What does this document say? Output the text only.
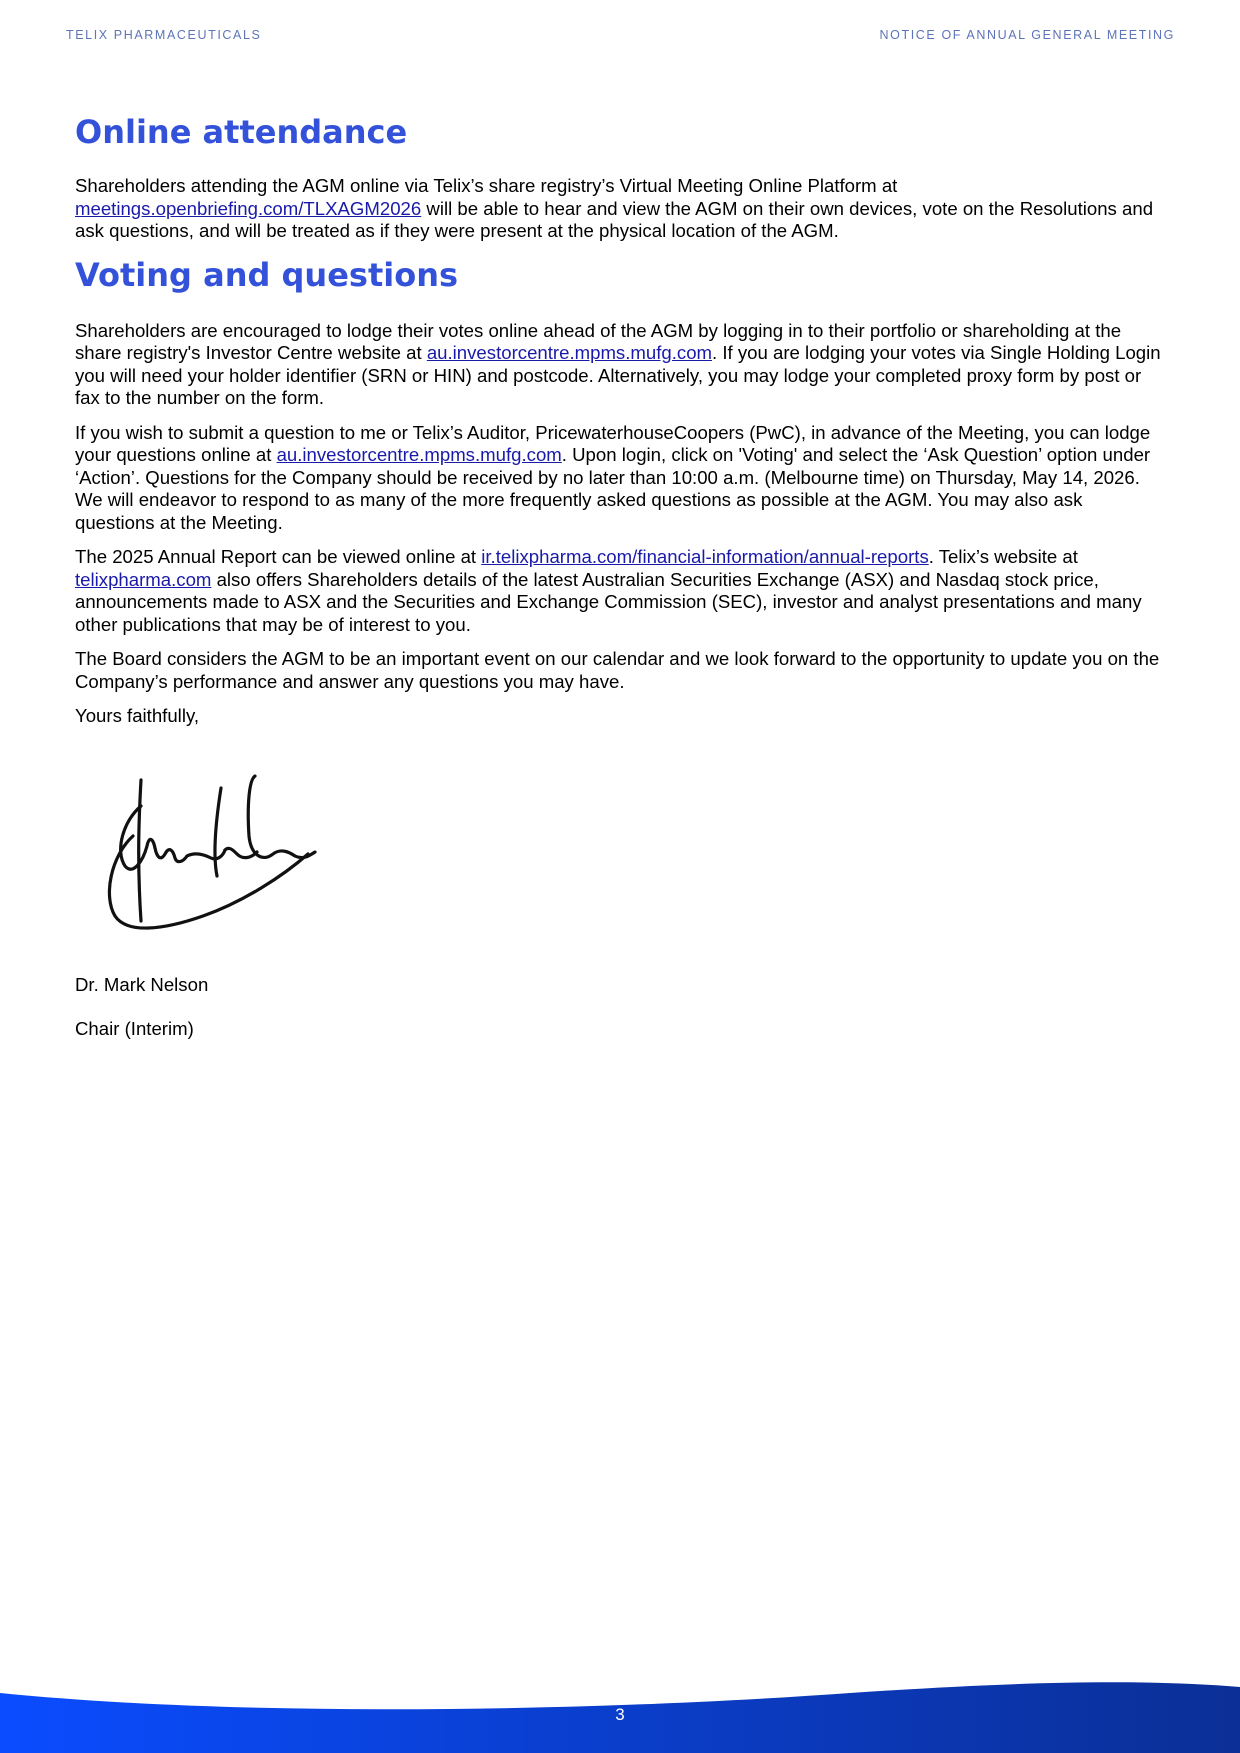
TELIX PHARMACEUTICALS	NOTICE OF ANNUAL GENERAL MEETING
Online attendance

Shareholders attending the AGM online via Telix’s share registry’s Virtual Meeting Online Platform at meetings.openbriefing.com/TLXAGM2026 will be able to hear and view the AGM on their own devices, vote on the Resolutions and ask questions, and will be treated as if they were present at the physical location of the AGM.

Voting and questions

Shareholders are encouraged to lodge their votes online ahead of the AGM by logging in to their portfolio or shareholding at the share registry's Investor Centre website at au.investorcentre.mpms.mufg.com. If you are lodging your votes via Single Holding Login you will need your holder identifier (SRN or HIN) and postcode. Alternatively, you may lodge your completed proxy form by post or fax to the number on the form.

If you wish to submit a question to me or Telix’s Auditor, PricewaterhouseCoopers (PwC), in advance of the Meeting, you can lodge your questions online at au.investorcentre.mpms.mufg.com. Upon login, click on 'Voting' and select the ‘Ask Question’ option under ‘Action’. Questions for the Company should be received by no later than 10:00 a.m. (Melbourne time) on Thursday, May 14, 2026. We will endeavor to respond to as many of the more frequently asked questions as possible at the AGM. You may also ask questions at the Meeting.

The 2025 Annual Report can be viewed online at ir.telixpharma.com/financial-information/annual-reports. Telix’s website at telixpharma.com also offers Shareholders details of the latest Australian Securities Exchange (ASX) and Nasdaq stock price, announcements made to ASX and the Securities and Exchange Commission (SEC), investor and analyst presentations and many other publications that may be of interest to you.

The Board considers the AGM to be an important event on our calendar and we look forward to the opportunity to update you on the Company’s performance and answer any questions you may have.

Yours faithfully,

Dr. Mark Nelson

Chair (Interim)

3
